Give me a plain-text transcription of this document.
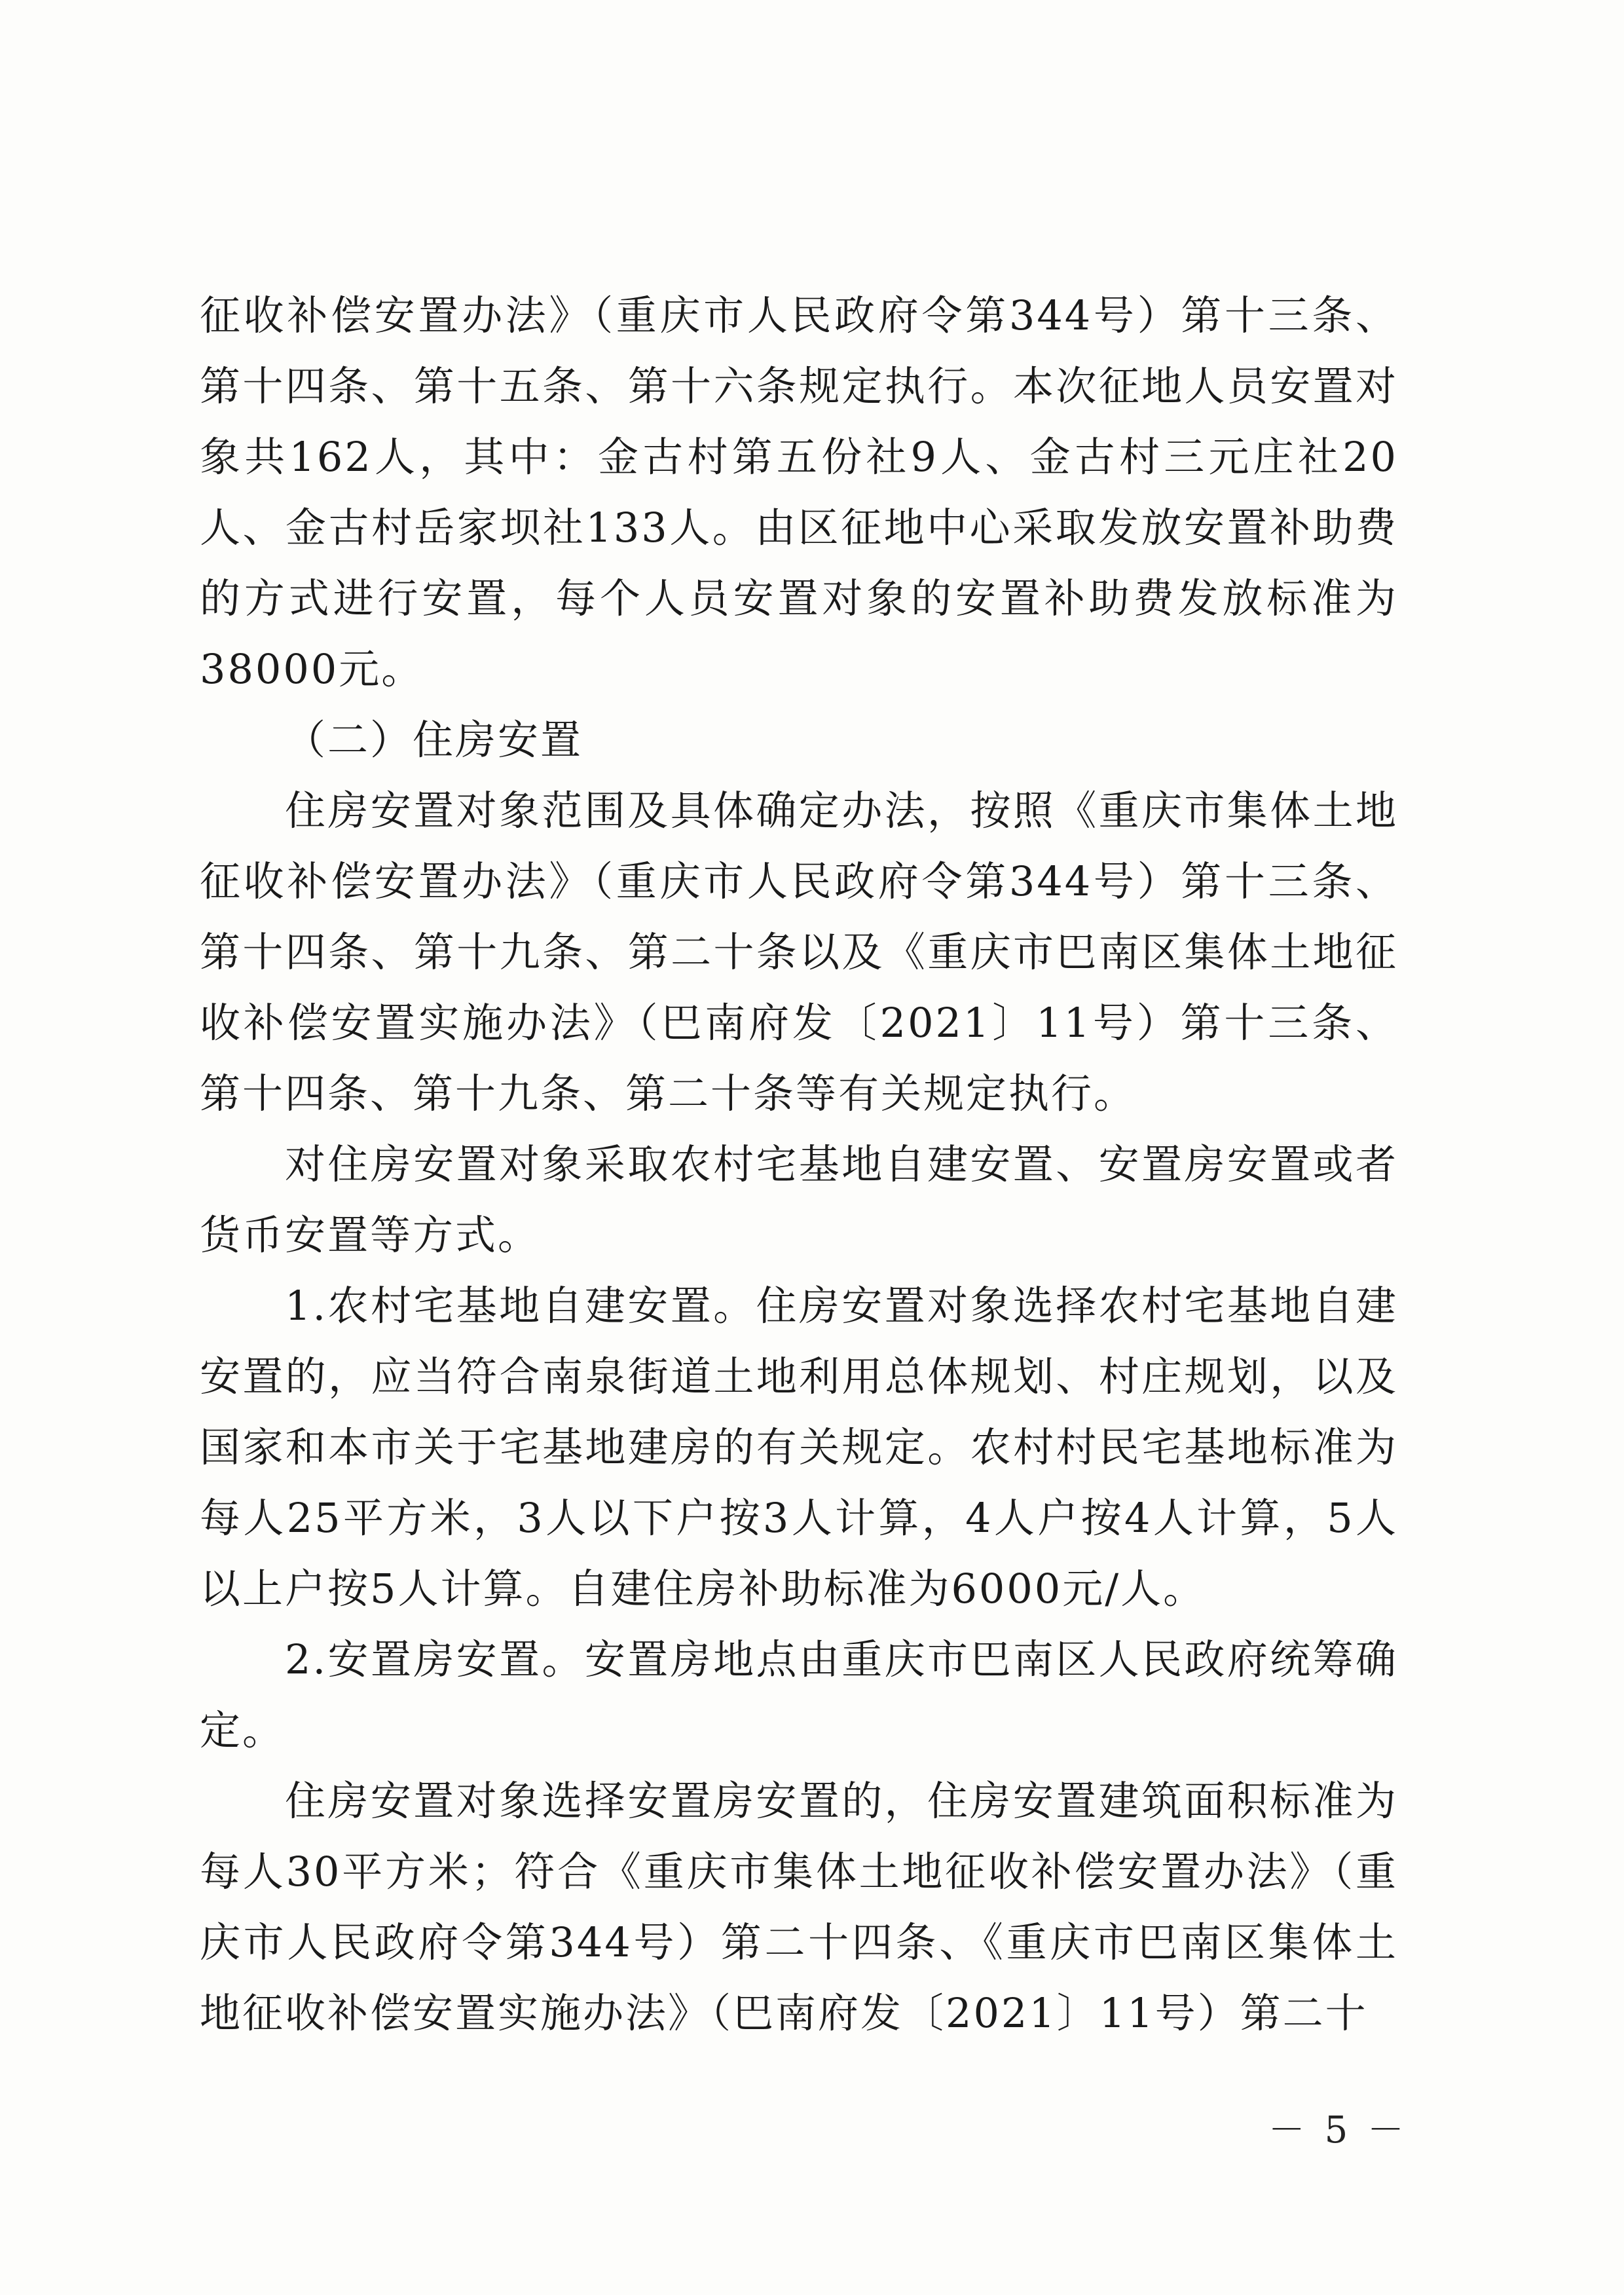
征收补偿安置办法》（重庆市人民政府令第344号）第十三条、第十四条、第十五条、第十六条规定执行。本次征地人员安置对象共162人，其中：金古村第五份社9人、金古村三元庄社20人、金古村岳家坝社133人。由区征地中心采取发放安置补助费的方式进行安置，每个人员安置对象的安置补助费发放标准为38000元。

（二）住房安置

住房安置对象范围及具体确定办法，按照《重庆市集体土地征收补偿安置办法》（重庆市人民政府令第344号）第十三条、第十四条、第十九条、第二十条以及《重庆市巴南区集体土地征收补偿安置实施办法》（巴南府发〔2021〕11号）第十三条、第十四条、第十九条、第二十条等有关规定执行。

对住房安置对象采取农村宅基地自建安置、安置房安置或者货币安置等方式。

1.农村宅基地自建安置。住房安置对象选择农村宅基地自建安置的，应当符合南泉街道土地利用总体规划、村庄规划，以及国家和本市关于宅基地建房的有关规定。农村村民宅基地标准为每人25平方米，3人以下户按3人计算，4人户按4人计算，5人以上户按5人计算。自建住房补助标准为6000元/人。

2.安置房安置。安置房地点由重庆市巴南区人民政府统筹确定。

住房安置对象选择安置房安置的，住房安置建筑面积标准为每人30平方米；符合《重庆市集体土地征收补偿安置办法》（重庆市人民政府令第344号）第二十四条、《重庆市巴南区集体土地征收补偿安置实施办法》（巴南府发〔2021〕11号）第二十

－ 5 －
